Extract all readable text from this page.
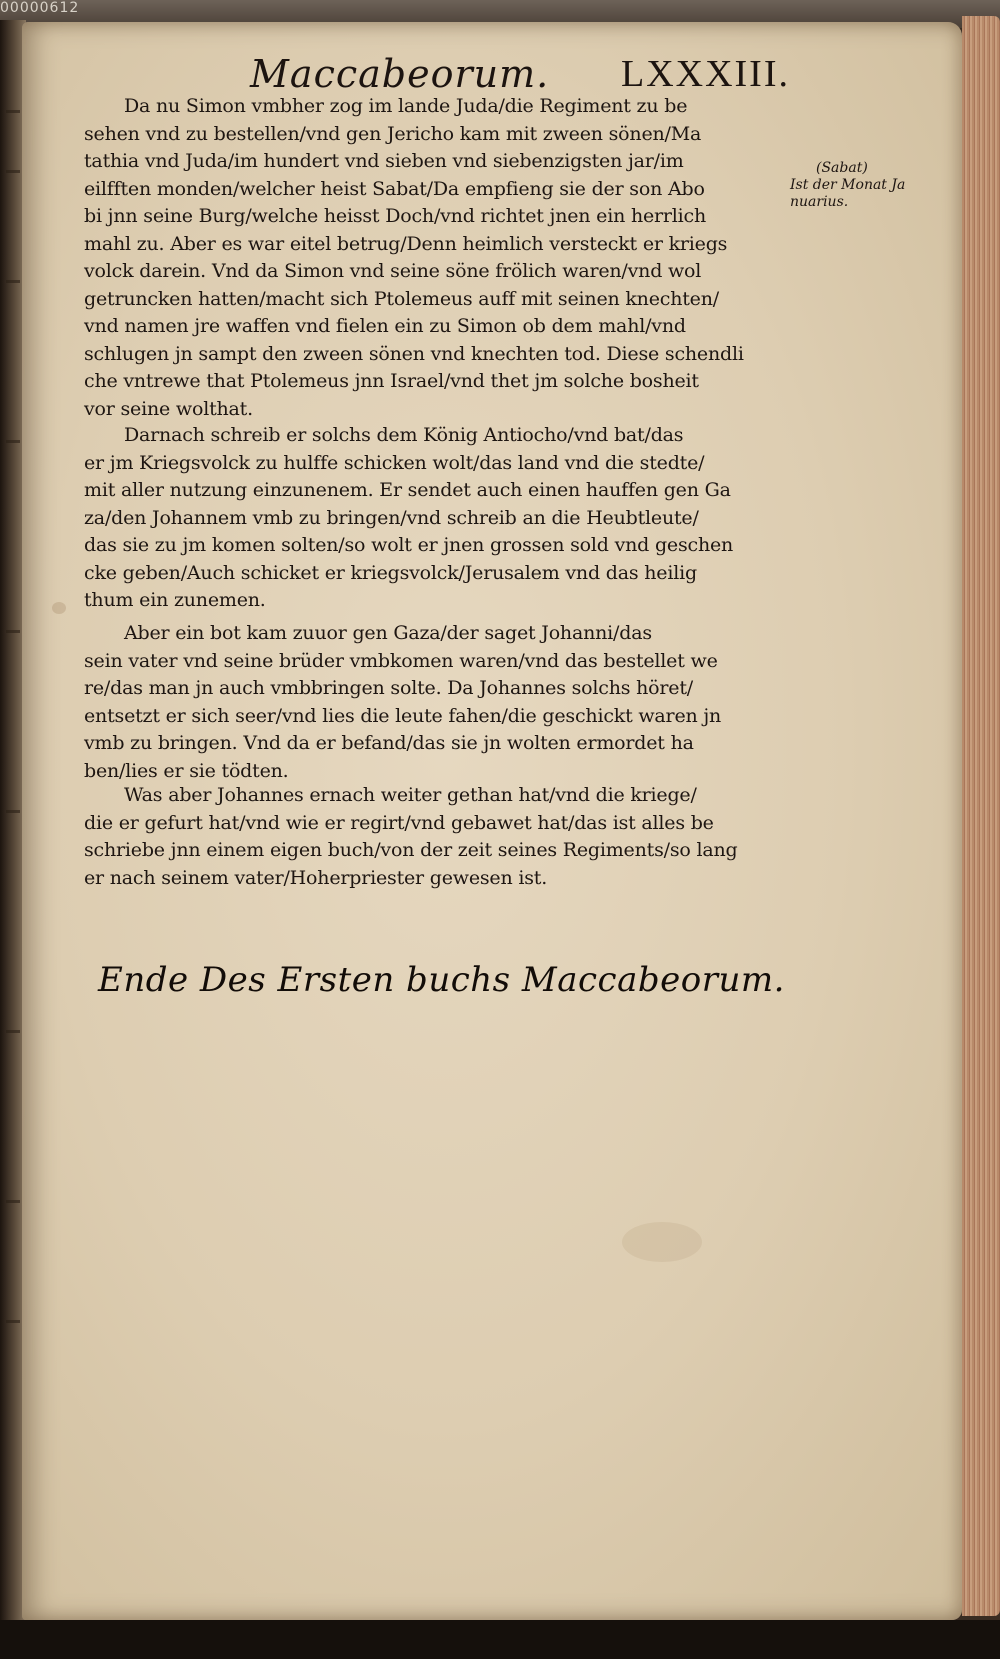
00000612
Maccabeorum. LXXXIII.
Da nu Simon vmbher zog im lande Juda/die Regiment zu be
sehen vnd zu bestellen/vnd gen Jericho kam mit zween sönen/Ma
tathia vnd Juda/im hundert vnd sieben vnd siebenzigsten jar/im
eilfften monden/welcher heist Sabat/Da empfieng sie der son Abo
bi jnn seine Burg/welche heisst Doch/vnd richtet jnen ein herrlich
mahl zu. Aber es war eitel betrug/Denn heimlich versteckt er kriegs
volck darein. Vnd da Simon vnd seine söne frölich waren/vnd wol
getruncken hatten/macht sich Ptolemeus auff mit seinen knechten/
vnd namen jre waffen vnd fielen ein zu Simon ob dem mahl/vnd
schlugen jn sampt den zween sönen vnd knechten tod. Diese schendli
che vntrewe that Ptolemeus jnn Israel/vnd thet jm solche bosheit
vor seine wolthat.
(Sabat)
Ist der Monat Ja
nuarius.
Darnach schreib er solchs dem König Antiocho/vnd bat/das
er jm Kriegsvolck zu hulffe schicken wolt/das land vnd die stedte/
mit aller nutzung einzunenem. Er sendet auch einen hauffen gen Ga
za/den Johannem vmb zu bringen/vnd schreib an die Heubtleute/
das sie zu jm komen solten/so wolt er jnen grossen sold vnd geschen
cke geben/Auch schicket er kriegsvolck/Jerusalem vnd das heilig
thum ein zunemen.
Aber ein bot kam zuuor gen Gaza/der saget Johanni/das
sein vater vnd seine brüder vmbkomen waren/vnd das bestellet we
re/das man jn auch vmbbringen solte. Da Johannes solchs höret/
entsetzt er sich seer/vnd lies die leute fahen/die geschickt waren jn
vmb zu bringen. Vnd da er befand/das sie jn wolten ermordet ha
ben/lies er sie tödten.
Was aber Johannes ernach weiter gethan hat/vnd die kriege/
die er gefurt hat/vnd wie er regirt/vnd gebawet hat/das ist alles be
schriebe jnn einem eigen buch/von der zeit seines Regiments/so lang
er nach seinem vater/Hoherpriester gewesen ist.
Ende Des Ersten buchs Maccabeorum.
